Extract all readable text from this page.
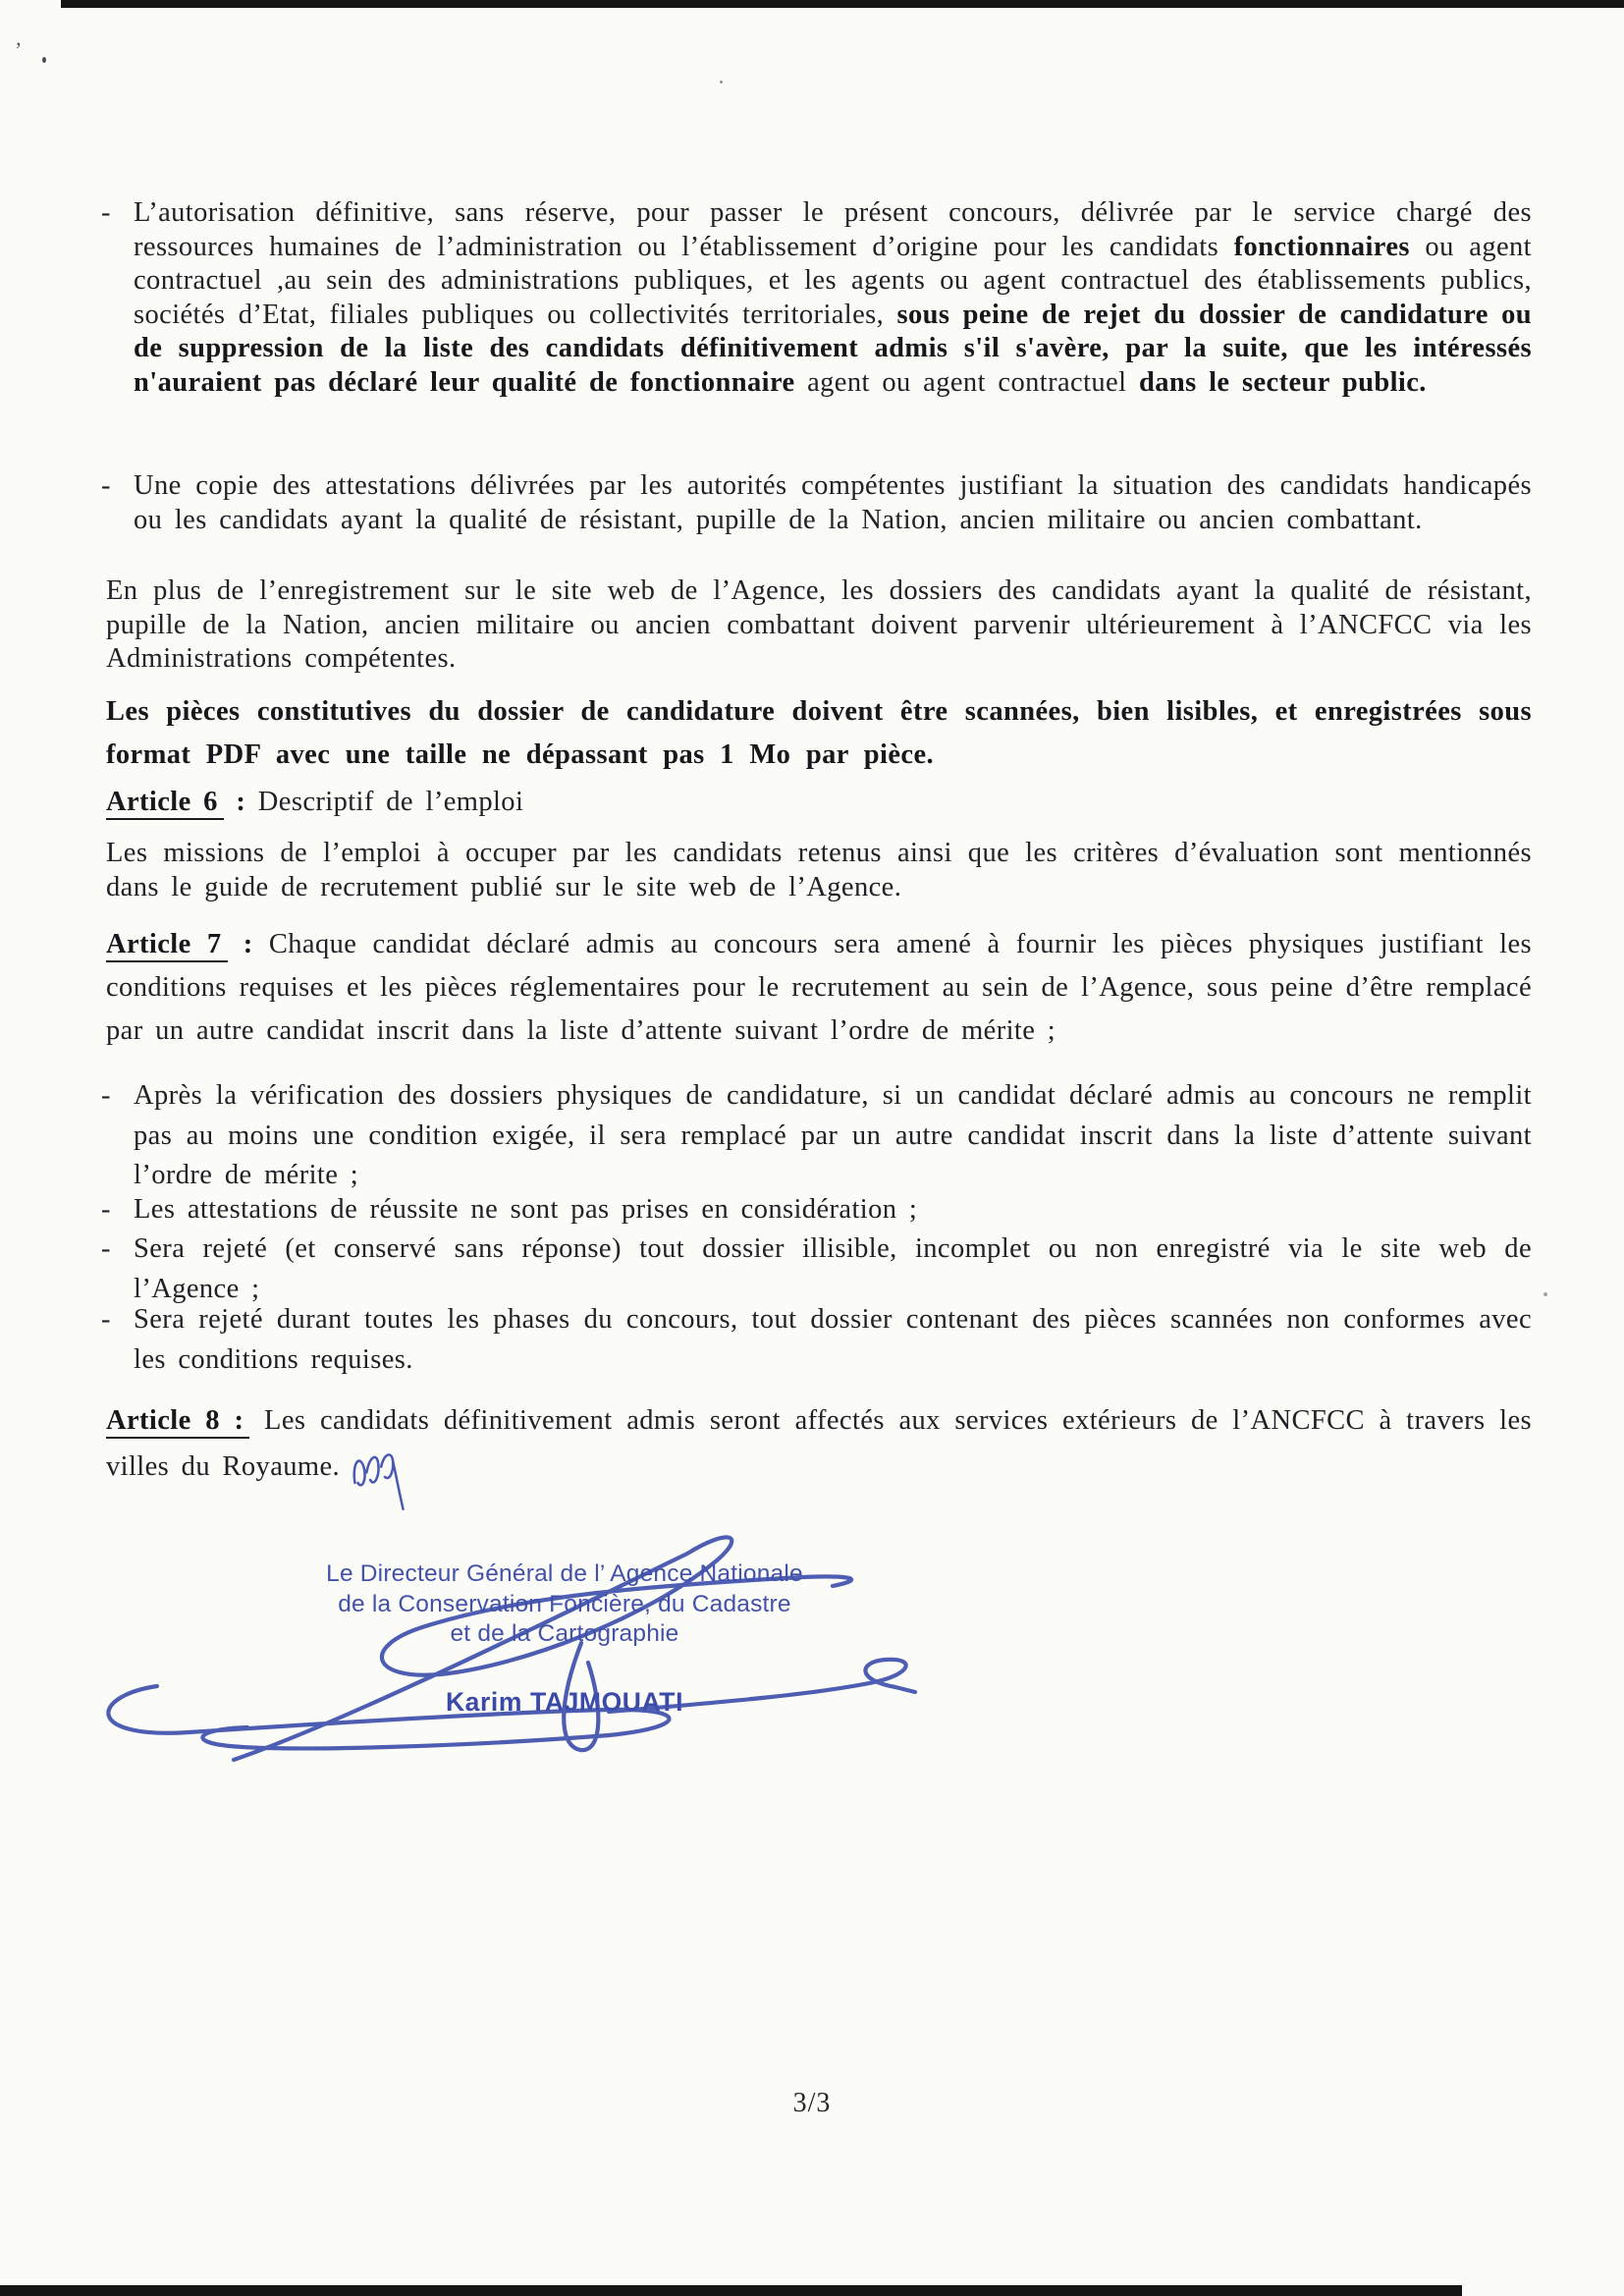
’
- L’autorisation définitive, sans réserve, pour passer le présent concours, délivrée par le service chargé des ressources humaines de l’administration ou l’établissement d’origine pour les candidats fonctionnaires ou agent contractuel ,au sein des administrations publiques, et les agents ou agent contractuel des établissements publics, sociétés d’Etat, filiales publiques ou collectivités territoriales, sous peine de rejet du dossier de candidature ou de suppression de la liste des candidats définitivement admis s'il s'avère, par la suite, que les intéressés n'auraient pas déclaré leur qualité de fonctionnaire agent ou agent contractuel dans le secteur public.
- Une copie des attestations délivrées par les autorités compétentes justifiant la situation des candidats handicapés ou les candidats ayant la qualité de résistant, pupille de la Nation, ancien militaire ou ancien combattant.
En plus de l’enregistrement sur le site web de l’Agence, les dossiers des candidats ayant la qualité de résistant, pupille de la Nation, ancien militaire ou ancien combattant doivent parvenir ultérieurement à l’ANCFCC via les Administrations compétentes.
Les pièces constitutives du dossier de candidature doivent être scannées, bien lisibles, et enregistrées sous format PDF avec une taille ne dépassant pas 1 Mo par pièce.
Article 6 : Descriptif de l’emploi
Les missions de l’emploi à occuper par les candidats retenus ainsi que les critères d’évaluation sont mentionnés dans le guide de recrutement publié sur le site web de l’Agence.
Article 7 : Chaque candidat déclaré admis au concours sera amené à fournir les pièces physiques justifiant les conditions requises et les pièces réglementaires pour le recrutement au sein de l’Agence, sous peine d’être remplacé par un autre candidat inscrit dans la liste d’attente suivant l’ordre de mérite ;
- Après la vérification des dossiers physiques de candidature, si un candidat déclaré admis au concours ne remplit pas au moins une condition exigée, il sera remplacé par un autre candidat inscrit dans la liste d’attente suivant l’ordre de mérite ;
- Les attestations de réussite ne sont pas prises en considération ;
- Sera rejeté (et conservé sans réponse) tout dossier illisible, incomplet ou non enregistré via le site web de l’Agence ;
- Sera rejeté durant toutes les phases du concours, tout dossier contenant des pièces scannées non conformes avec les conditions requises.
Article 8 : Les candidats définitivement admis seront affectés aux services extérieurs de l’ANCFCC à travers les villes du Royaume.
Le Directeur Général de l’ Agence Nationale
de la Conservation Foncière, du Cadastre
et de la Cartographie
Karim TAJMOUATI
3/3
